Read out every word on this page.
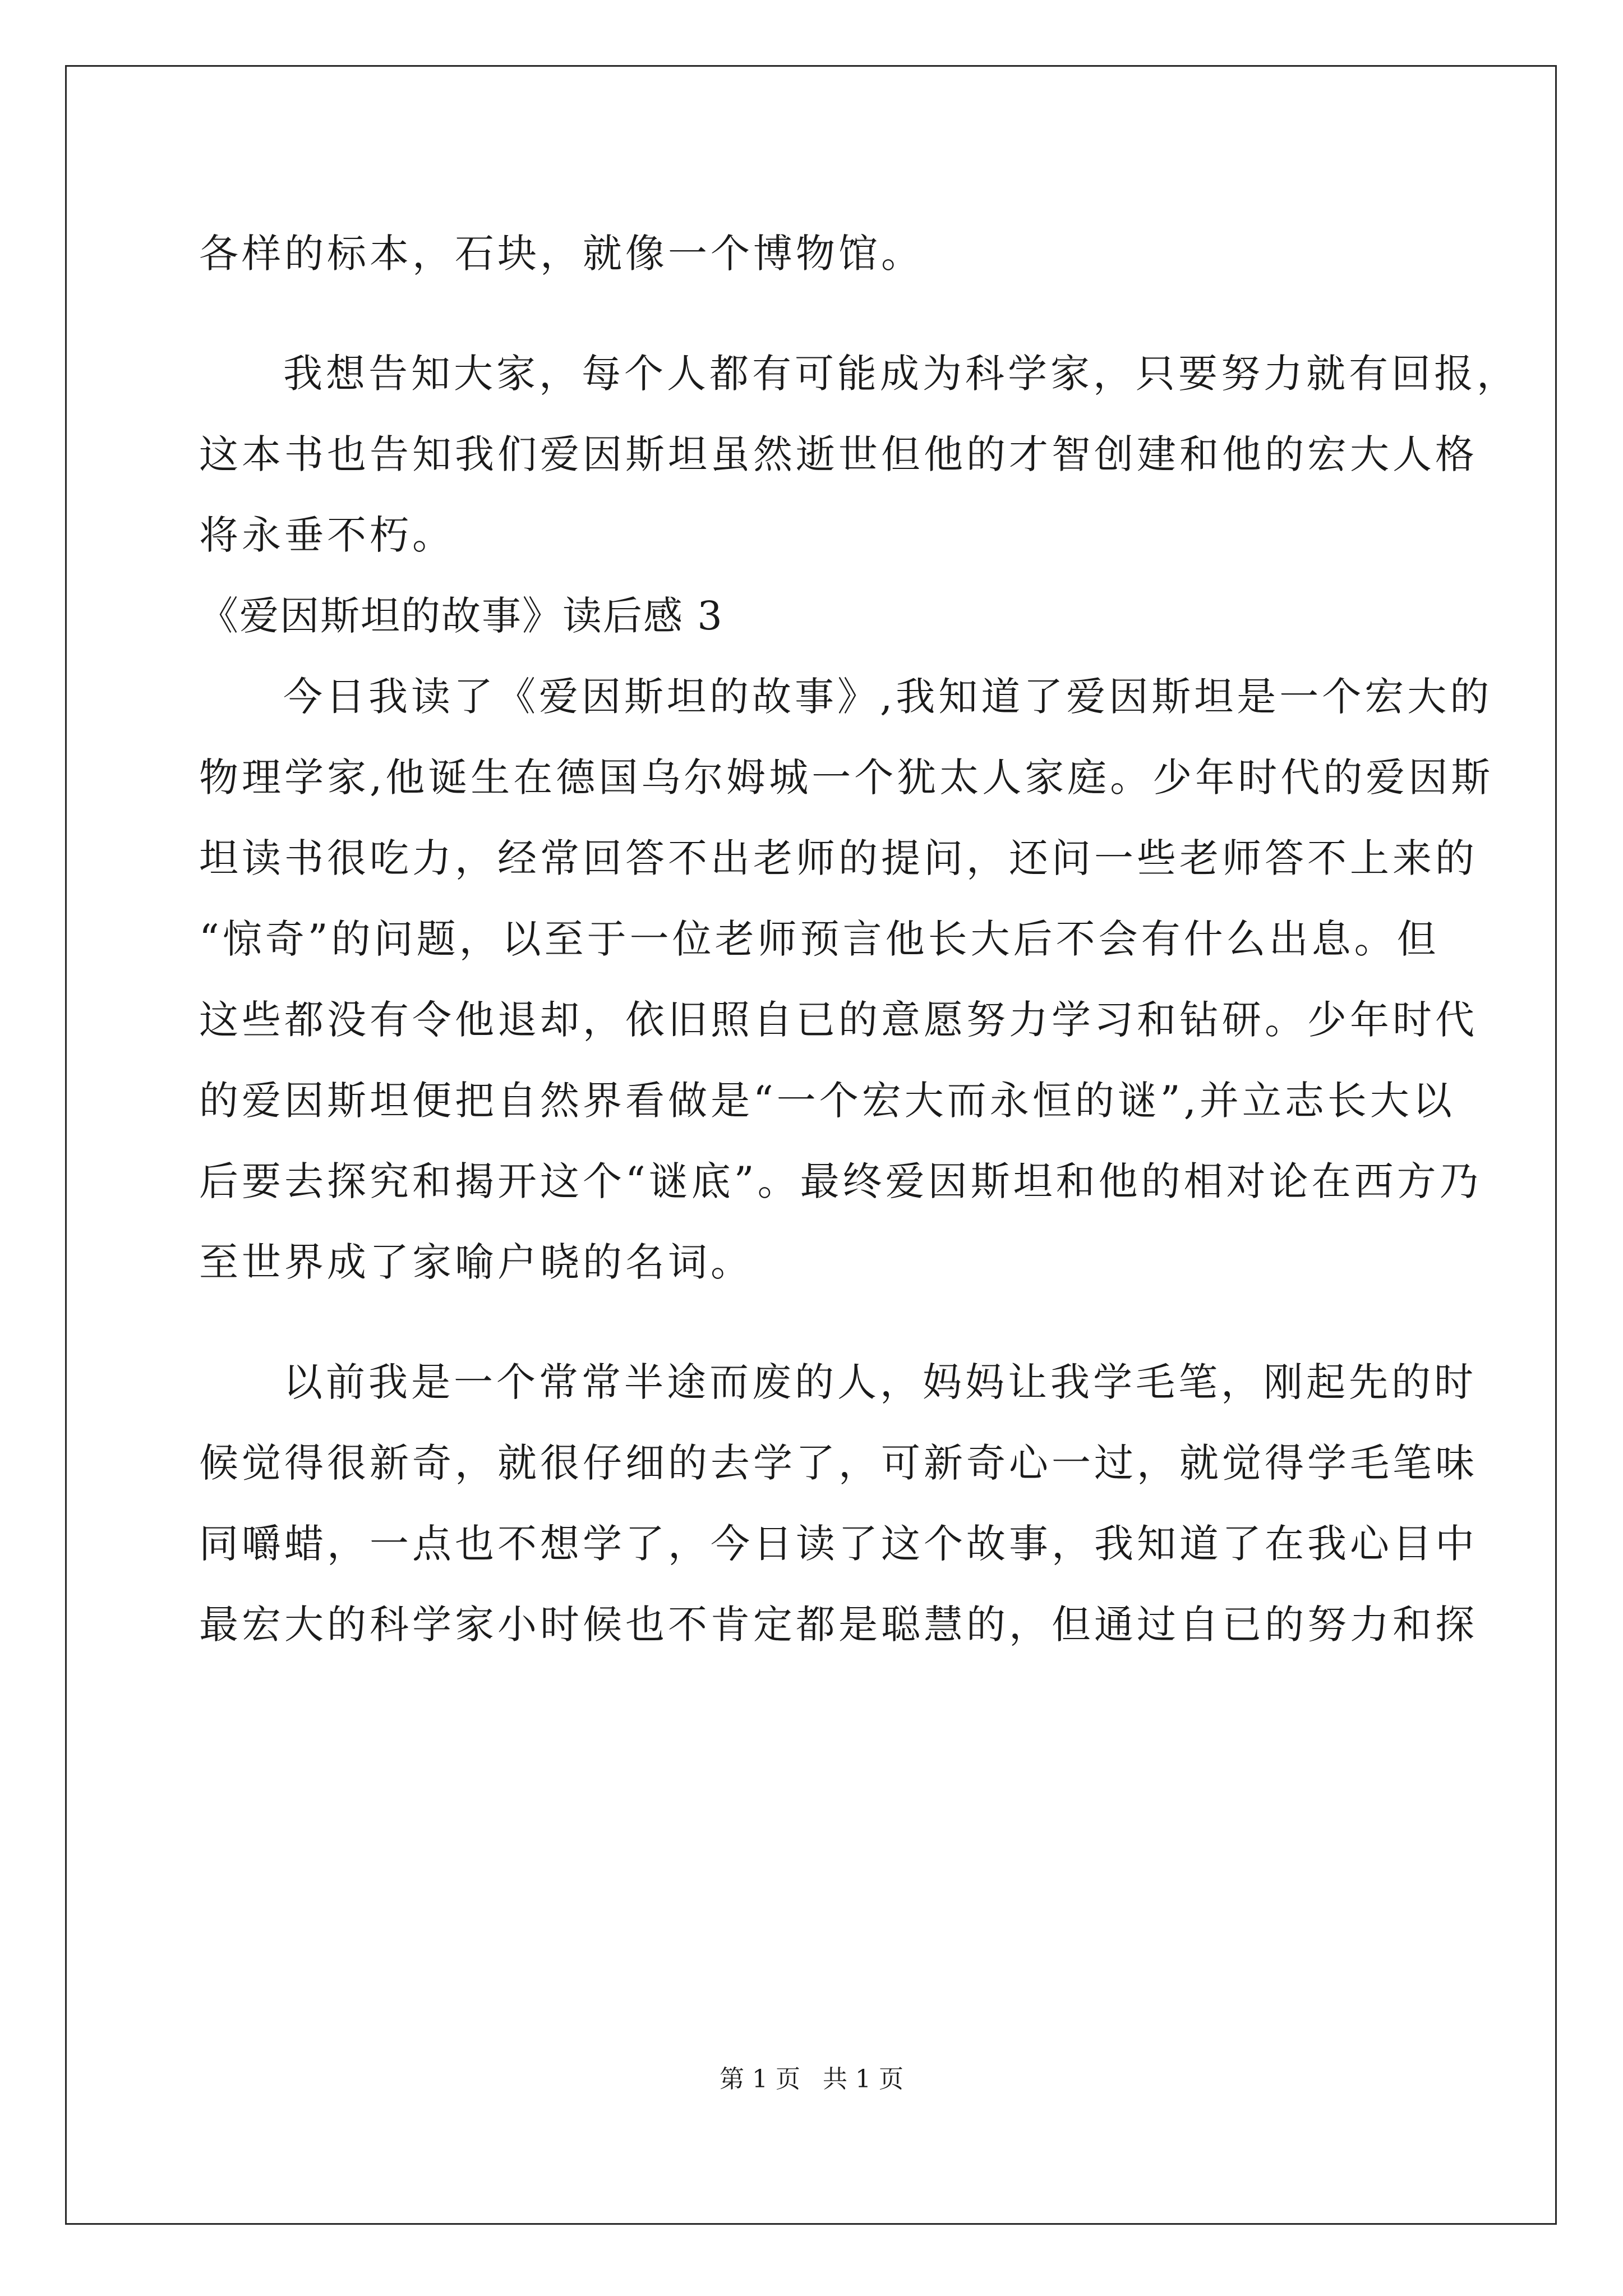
各样的标本，石块，就像一个博物馆。
我想告知大家，每个人都有可能成为科学家，只要努力就有回报，
这本书也告知我们爱因斯坦虽然逝世但他的才智创建和他的宏大人格
将永垂不朽。
《爱因斯坦的故事》读后感 3
今日我读了《爱因斯坦的故事》,我知道了爱因斯坦是一个宏大的
物理学家,他诞生在德国乌尔姆城一个犹太人家庭。少年时代的爱因斯
坦读书很吃力，经常回答不出老师的提问，还问一些老师答不上来的
“惊奇”的问题，以至于一位老师预言他长大后不会有什么出息。但
这些都没有令他退却，依旧照自已的意愿努力学习和钻研。少年时代
的爱因斯坦便把自然界看做是“一个宏大而永恒的谜”,并立志长大以
后要去探究和揭开这个“谜底”。最终爱因斯坦和他的相对论在西方乃
至世界成了家喻户晓的名词。
以前我是一个常常半途而废的人，妈妈让我学毛笔，刚起先的时
候觉得很新奇，就很仔细的去学了，可新奇心一过，就觉得学毛笔味
同嚼蜡，一点也不想学了，今日读了这个故事，我知道了在我心目中
最宏大的科学家小时候也不肯定都是聪慧的，但通过自已的努力和探
第 1 页 共 1 页
